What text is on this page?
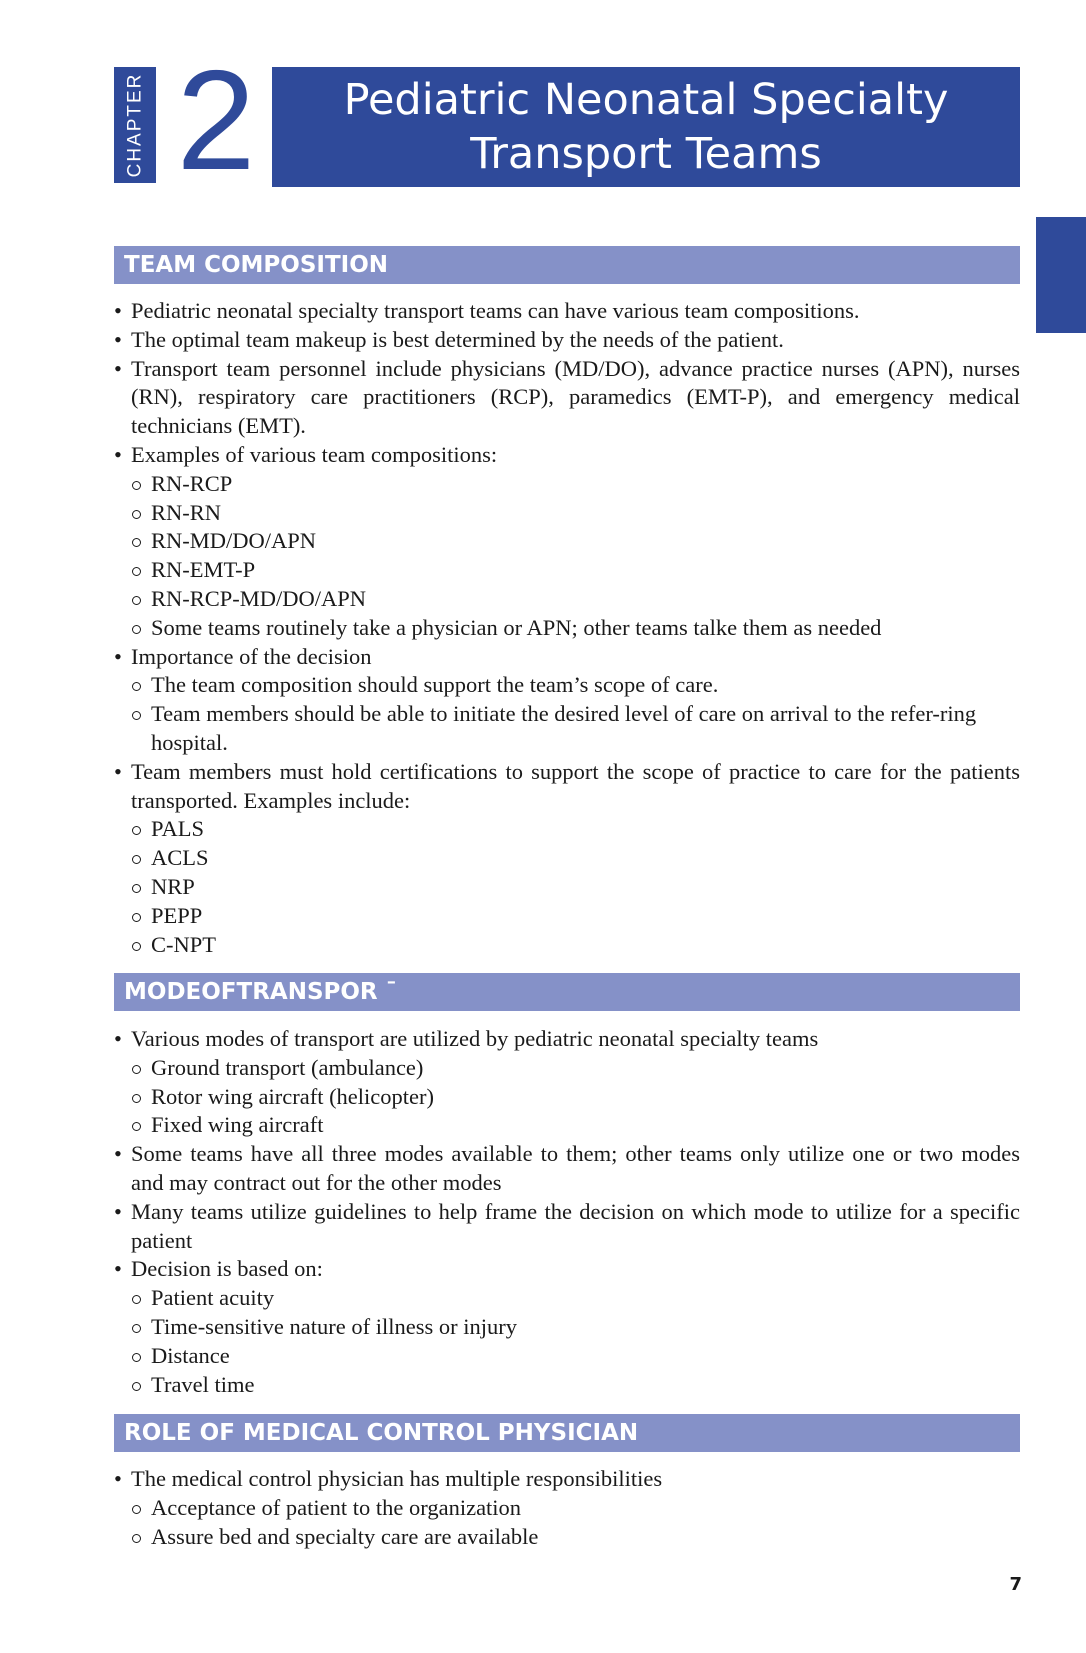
CHAPTER 2 Pediatric Neonatal Specialty
Transport Teams
TEAM COMPOSITION
• Pediatric neonatal specialty transport teams can have various team compositions.
• The optimal team makeup is best determined by the needs of the patient.
• Transport team personnel include physicians (MD/DO), advance practice nurses (APN), nurses (RN), respiratory care practitioners (RCP), paramedics (EMT-P), and emergency medical technicians (EMT).
• Examples of various team compositions:
RN-RCP
RN-RN
RN-MD/DO/APN
RN-EMT-P
RN-RCP-MD/DO/APN
Some teams routinely take a physician or APN; other teams talke them as needed
• Importance of the decision
The team composition should support the team’s scope of care.
Team members should be able to initiate the desired level of care on arrival to the refer-ring hospital.
• Team members must hold certifications to support the scope of practice to care for the patients transported. Examples include:
PALS
ACLS
NRP
PEPP
C-NPT
MODEOFTRANSPOR ˉ
• Various modes of transport are utilized by pediatric neonatal specialty teams
Ground transport (ambulance)
Rotor wing aircraft (helicopter)
Fixed wing aircraft
• Some teams have all three modes available to them; other teams only utilize one or two modes and may contract out for the other modes
• Many teams utilize guidelines to help frame the decision on which mode to utilize for a specific patient
• Decision is based on:
Patient acuity
Time-sensitive nature of illness or injury
Distance
Travel time
ROLE OF MEDICAL CONTROL PHYSICIAN
• The medical control physician has multiple responsibilities
Acceptance of patient to the organization
Assure bed and specialty care are available
7
